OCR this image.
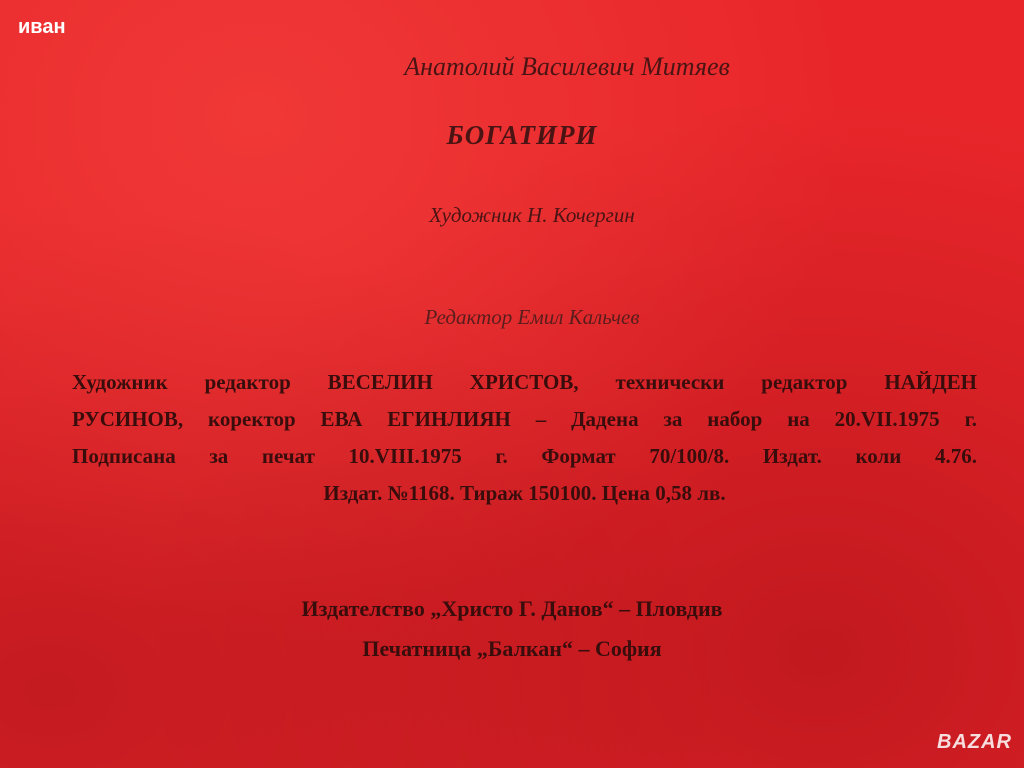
иван
Анатолий Василевич Митяев
БОГАТИРИ
Художник Н. Кочергин
Редактор Емил Кальчев
Художник редактор ВЕСЕЛИН ХРИСТОВ, технически редактор НАЙДЕН
РУСИНОВ, коректор ЕВА ЕГИНЛИЯН – Дадена за набор на 20.VII.1975 г.
Подписана за печат 10.VIII.1975 г. Формат 70/100/8. Издат. коли 4.76.
Издат. №1168. Тираж 150100. Цена 0,58 лв.
Издателство „Христо Г. Данов“ – Пловдив
Печатница „Балкан“ – София
BAZAR
